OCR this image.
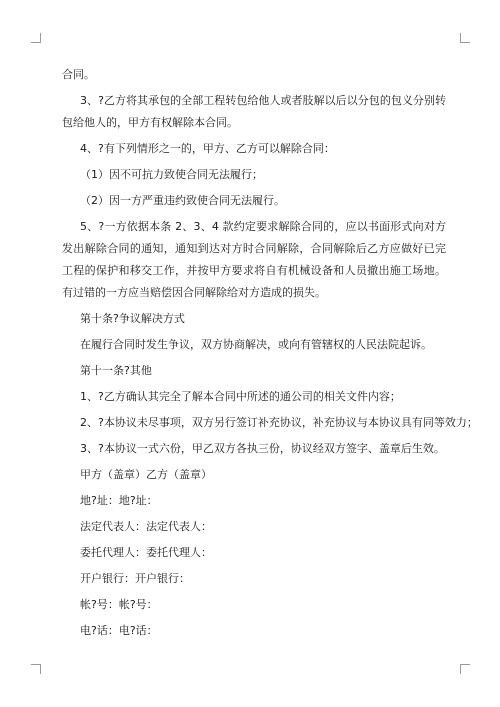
合同。
3、?乙方将其承包的全部工程转包给他人或者肢解以后以分包的包义分别转包给他人的，甲方有权解除本合同。
4、?有下列情形之一的，甲方、乙方可以解除合同：
（1）因不可抗力致使合同无法履行；
（2）因一方严重违约致使合同无法履行。
5、?一方依据本条 2、3、4 款约定要求解除合同的，应以书面形式向对方发出解除合同的通知，通知到达对方时合同解除，合同解除后乙方应做好已完工程的保护和移交工作，并按甲方要求将自有机械设备和人员撤出施工场地。有过错的一方应当赔偿因合同解除给对方造成的损失。
第十条?争议解决方式
在履行合同时发生争议，双方协商解决，或向有管辖权的人民法院起诉。
第十一条?其他
1、?乙方确认其完全了解本合同中所述的通公司的相关文件内容；
2、?本协议未尽事项，双方另行签订补充协议，补充协议与本协议具有同等效力；
3、?本协议一式六份，甲乙双方各执三份，协议经双方签字、盖章后生效。
甲方（盖章）乙方（盖章）
地?址：地?址：
法定代表人：法定代表人：
委托代理人：委托代理人：
开户银行：开户银行：
帐?号：帐?号：
电?话：电?话：
